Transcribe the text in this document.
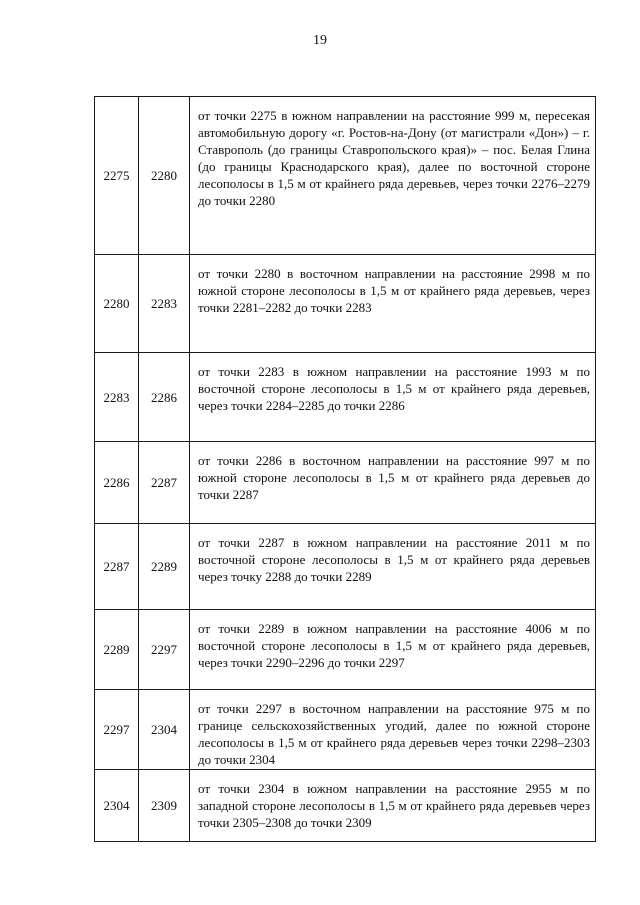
19
2275	2280	от точки 2275 в южном направлении на расстояние 999 м, пересекая автомобильную дорогу «г. Ростов-на-Дону (от магистрали «Дон») – г. Ставрополь (до границы Ставропольского края)» – пос. Белая Глина (до границы Краснодарского края), далее по восточной стороне лесополосы в 1,5 м от крайнего ряда деревьев, через точки 2276–2279 до точки 2280
2280	2283	от точки 2280 в восточном направлении на расстояние 2998 м по южной стороне лесополосы в 1,5 м от крайнего ряда деревьев, через точки 2281–2282 до точки 2283
2283	2286	от точки 2283 в южном направлении на расстояние 1993 м по восточной стороне лесополосы в 1,5 м от крайнего ряда деревьев, через точки 2284–2285 до точки 2286
2286	2287	от точки 2286 в восточном направлении на расстояние 997 м по южной стороне лесополосы в 1,5 м от крайнего ряда деревьев до точки 2287
2287	2289	от точки 2287 в южном направлении на расстояние 2011 м по восточной стороне лесополосы в 1,5 м от крайнего ряда деревьев через точку 2288 до точки 2289
2289	2297	от точки 2289 в южном направлении на расстояние 4006 м по восточной стороне лесополосы в 1,5 м от крайнего ряда деревьев, через точки 2290–2296 до точки 2297
2297	2304	от точки 2297 в восточном направлении на расстояние 975 м по границе сельскохозяйственных угодий, далее по южной стороне лесополосы в 1,5 м от крайнего ряда деревьев через точки 2298–2303 до точки 2304
2304	2309	от точки 2304 в южном направлении на расстояние 2955 м по западной стороне лесополосы в 1,5 м от крайнего ряда деревьев через точки 2305–2308 до точки 2309
